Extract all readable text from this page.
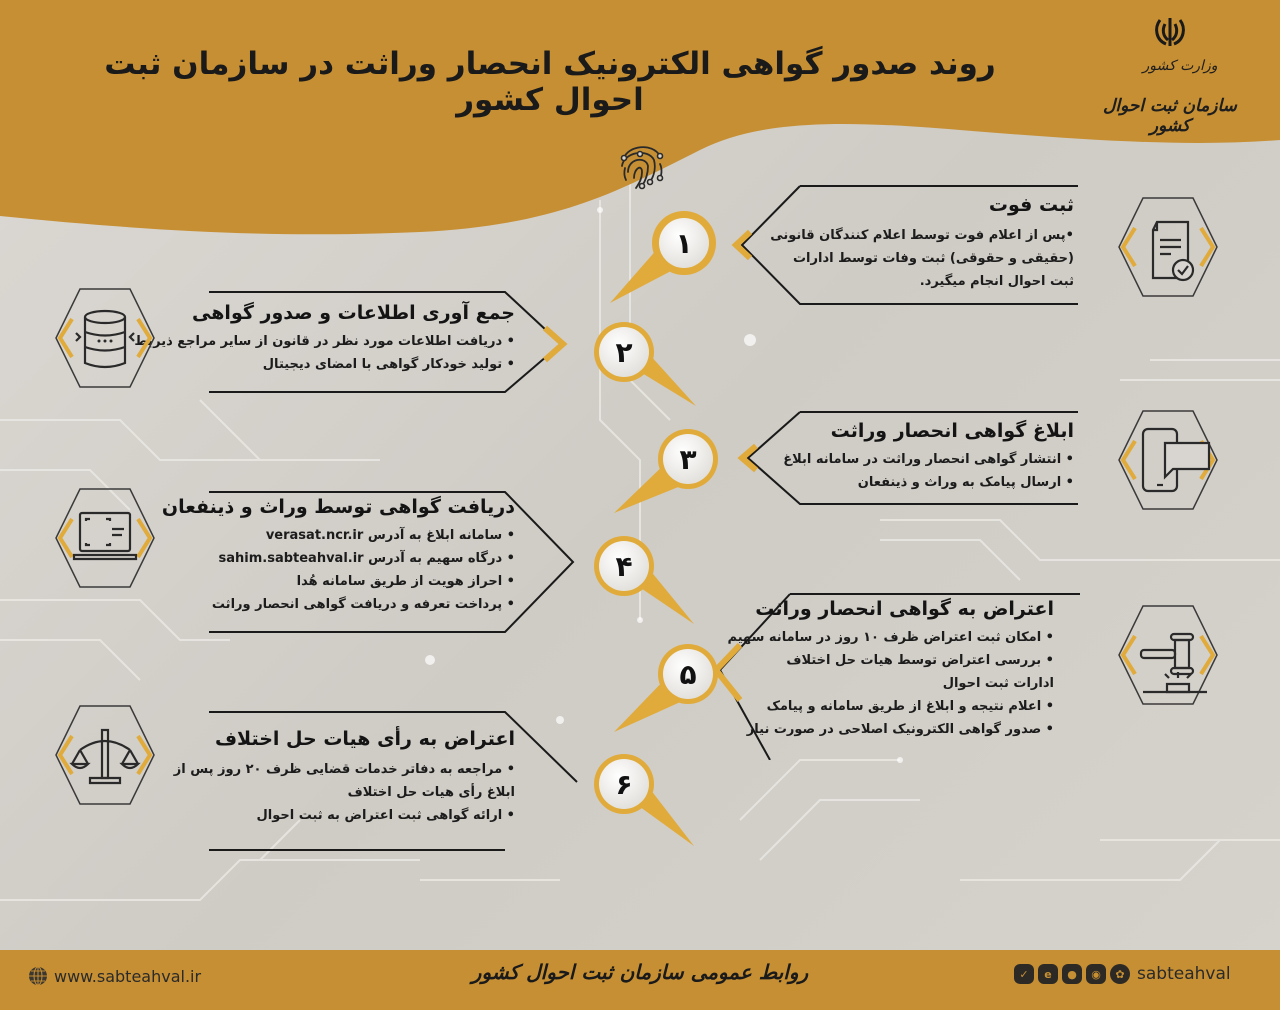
روند صدور گواهی الکترونیک انحصار وراثت در سازمان ثبت احوال کشور
وزارت کشور
سازمان ثبت احوال کشور
ثبت فوت
•پس از اعلام فوت توسط اعلام کنندگان قانونی
(حقیقی و حقوقی) ثبت وفات توسط ادارات
ثبت احوال انجام میگیرد.
جمع آوری اطلاعات و صدور گواهی
• دریافت اطلاعات مورد نظر در قانون از سایر مراجع ذیربط
• تولید خودکار گواهی با امضای دیجیتال
ابلاغ گواهی انحصار وراثت
• انتشار گواهی انحصار وراثت در سامانه ابلاغ
• ارسال پیامک به وراث و ذینفعان
دریافت گواهی توسط وراث و ذینفعان
• سامانه ابلاغ به آدرس verasat.ncr.ir
• درگاه سهیم به آدرس sahim.sabteahval.ir
• احراز هویت از طریق سامانه هُدا
• پرداخت تعرفه و دریافت گواهی انحصار وراثت	اعتراض به گواهی انحصار وراثت
• امکان ثبت اعتراض ظرف ۱۰ روز در سامانه سهیم
• بررسی اعتراض توسط هیات حل اختلاف
ادارات ثبت احوال
• اعلام نتیجه و ابلاغ از طریق سامانه و پیامک
• صدور گواهی الکترونیک اصلاحی در صورت نیاز
اعتراض به رأی هیات حل اختلاف
• مراجعه به دفاتر خدمات قضایی ظرف ۲۰ روز پس از
ابلاغ رأی هیات حل اختلاف
• ارائه گواهی ثبت اعتراض به ثبت احوال
۱
۲
۳
۴
۵
۶
www.sabteahval.ir	روابط عمومی سازمان ثبت احوال کشور	✓	e	●	◉	✿ sabteahval
